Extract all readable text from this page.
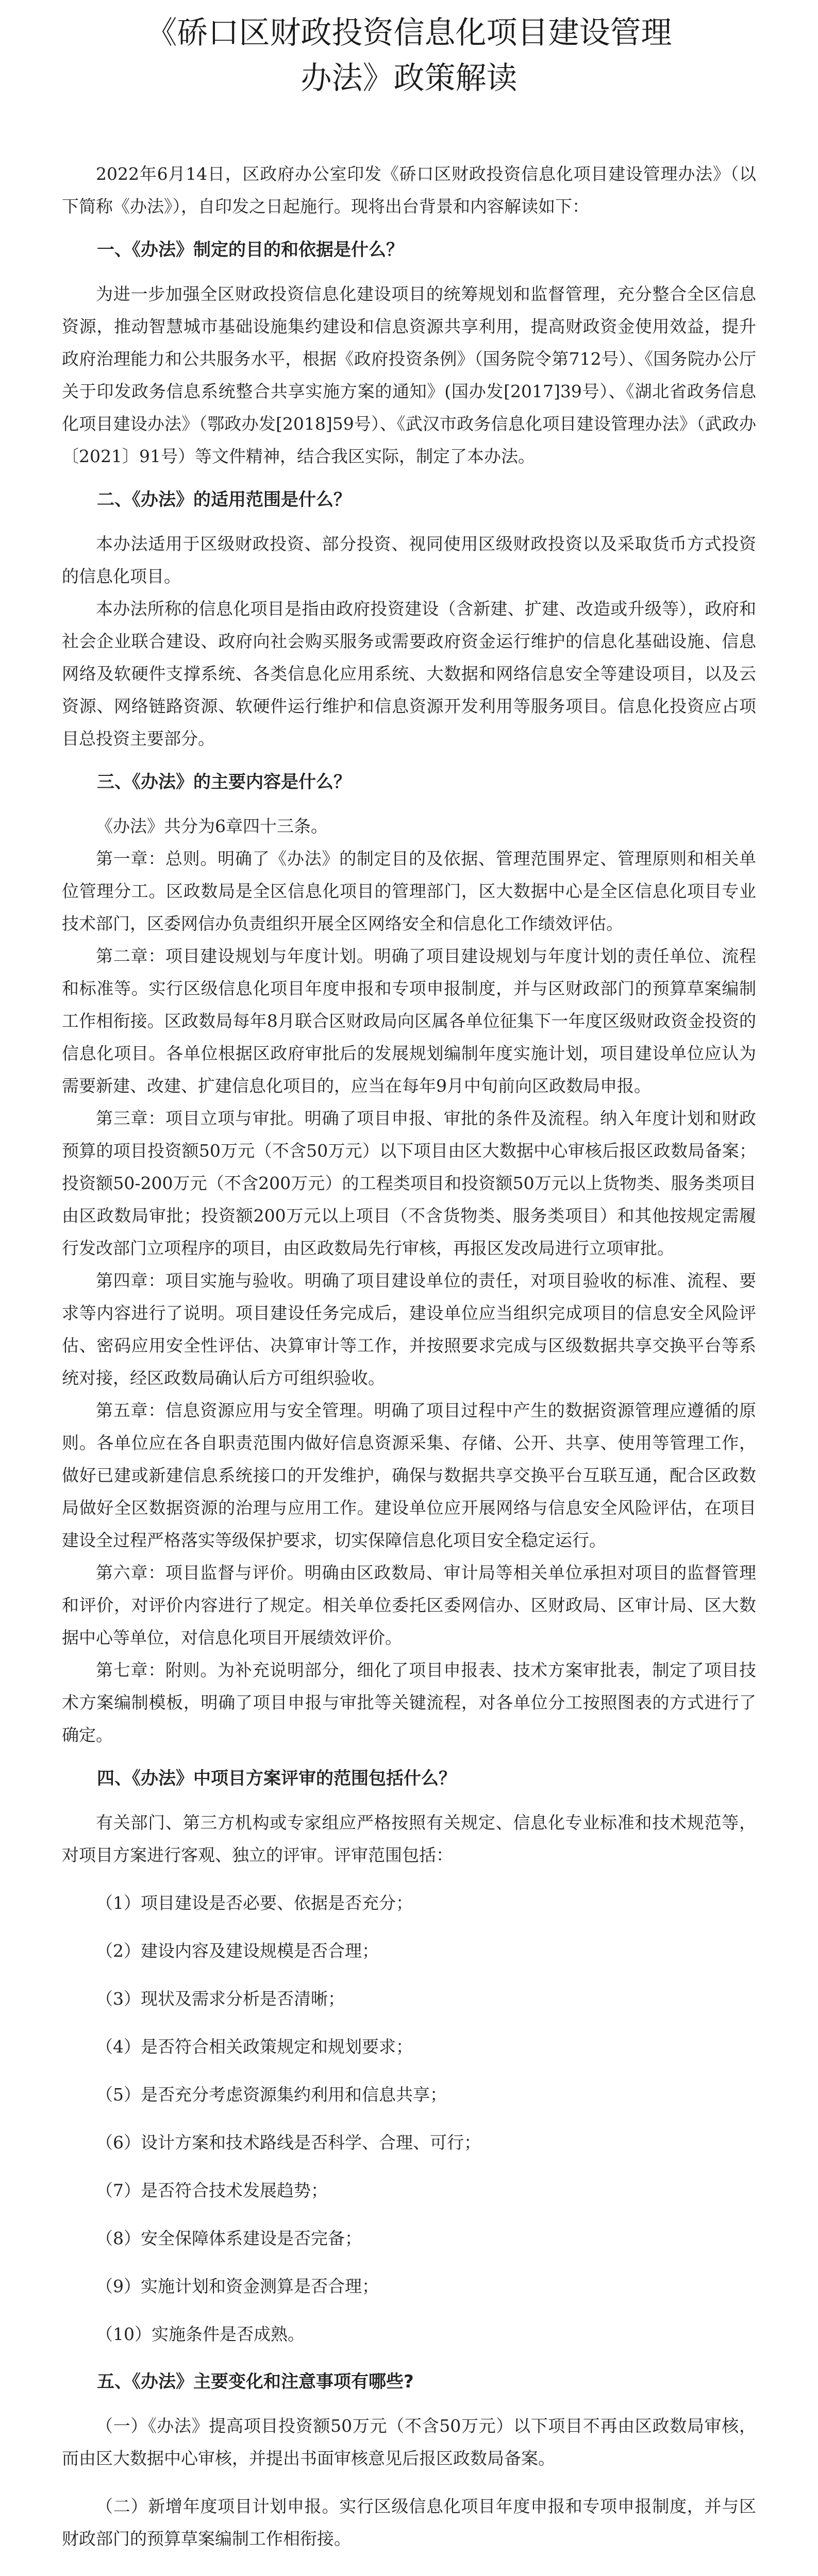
《硚口区财政投资信息化项目建设管理
办法》政策解读

2022年6月14日，区政府办公室印发《硚口区财政投资信息化项目建设管理办法》（以下简称《办法》），自印发之日起施行。现将出台背景和内容解读如下：

一、《办法》制定的目的和依据是什么？

为进一步加强全区财政投资信息化建设项目的统筹规划和监督管理，充分整合全区信息资源，推动智慧城市基础设施集约建设和信息资源共享利用，提高财政资金使用效益，提升政府治理能力和公共服务水平，根据《政府投资条例》（国务院令第712号）、《国务院办公厅关于印发政务信息系统整合共享实施方案的通知》(国办发[2017]39号）、《湖北省政务信息化项目建设办法》（鄂政办发[2018]59号）、《武汉市政务信息化项目建设管理办法》（武政办〔2021〕91号）等文件精神，结合我区实际，制定了本办法。

二、《办法》的适用范围是什么？

本办法适用于区级财政投资、部分投资、视同使用区级财政投资以及采取货币方式投资的信息化项目。

本办法所称的信息化项目是指由政府投资建设（含新建、扩建、改造或升级等），政府和社会企业联合建设、政府向社会购买服务或需要政府资金运行维护的信息化基础设施、信息网络及软硬件支撑系统、各类信息化应用系统、大数据和网络信息安全等建设项目，以及云资源、网络链路资源、软硬件运行维护和信息资源开发利用等服务项目。信息化投资应占项目总投资主要部分。

三、《办法》的主要内容是什么？

《办法》共分为6章四十三条。

第一章：总则。明确了《办法》的制定目的及依据、管理范围界定、管理原则和相关单位管理分工。区政数局是全区信息化项目的管理部门，区大数据中心是全区信息化项目专业技术部门，区委网信办负责组织开展全区网络安全和信息化工作绩效评估。

第二章：项目建设规划与年度计划。明确了项目建设规划与年度计划的责任单位、流程和标准等。实行区级信息化项目年度申报和专项申报制度，并与区财政部门的预算草案编制工作相衔接。区政数局每年8月联合区财政局向区属各单位征集下一年度区级财政资金投资的信息化项目。各单位根据区政府审批后的发展规划编制年度实施计划，项目建设单位应认为需要新建、改建、扩建信息化项目的，应当在每年9月中旬前向区政数局申报。

第三章：项目立项与审批。明确了项目申报、审批的条件及流程。纳入年度计划和财政预算的项目投资额50万元（不含50万元）以下项目由区大数据中心审核后报区政数局备案；投资额50-200万元（不含200万元）的工程类项目和投资额50万元以上货物类、服务类项目由区政数局审批；投资额200万元以上项目（不含货物类、服务类项目）和其他按规定需履行发改部门立项程序的项目，由区政数局先行审核，再报区发改局进行立项审批。

第四章：项目实施与验收。明确了项目建设单位的责任，对项目验收的标准、流程、要求等内容进行了说明。项目建设任务完成后，建设单位应当组织完成项目的信息安全风险评估、密码应用安全性评估、决算审计等工作，并按照要求完成与区级数据共享交换平台等系统对接，经区政数局确认后方可组织验收。

第五章：信息资源应用与安全管理。明确了项目过程中产生的数据资源管理应遵循的原则。各单位应在各自职责范围内做好信息资源采集、存储、公开、共享、使用等管理工作，做好已建或新建信息系统接口的开发维护，确保与数据共享交换平台互联互通，配合区政数局做好全区数据资源的治理与应用工作。建设单位应开展网络与信息安全风险评估，在项目建设全过程严格落实等级保护要求，切实保障信息化项目安全稳定运行。

第六章：项目监督与评价。明确由区政数局、审计局等相关单位承担对项目的监督管理和评价，对评价内容进行了规定。相关单位委托区委网信办、区财政局、区审计局、区大数据中心等单位，对信息化项目开展绩效评价。

第七章：附则。为补充说明部分，细化了项目申报表、技术方案审批表，制定了项目技术方案编制模板，明确了项目申报与审批等关键流程，对各单位分工按照图表的方式进行了确定。

四、《办法》中项目方案评审的范围包括什么？

有关部门、第三方机构或专家组应严格按照有关规定、信息化专业标准和技术规范等，对项目方案进行客观、独立的评审。评审范围包括：

（1）项目建设是否必要、依据是否充分；

（2）建设内容及建设规模是否合理；

（3）现状及需求分析是否清晰；

（4）是否符合相关政策规定和规划要求；

（5）是否充分考虑资源集约利用和信息共享；

（6）设计方案和技术路线是否科学、合理、可行；

（7）是否符合技术发展趋势；

（8）安全保障体系建设是否完备；

（9）实施计划和资金测算是否合理；

（10）实施条件是否成熟。

五、《办法》主要变化和注意事项有哪些?

（一）《办法》提高项目投资额50万元（不含50万元）以下项目不再由区政数局审核，而由区大数据中心审核，并提出书面审核意见后报区政数局备案。

（二）新增年度项目计划申报。实行区级信息化项目年度申报和专项申报制度，并与区财政部门的预算草案编制工作相衔接。
